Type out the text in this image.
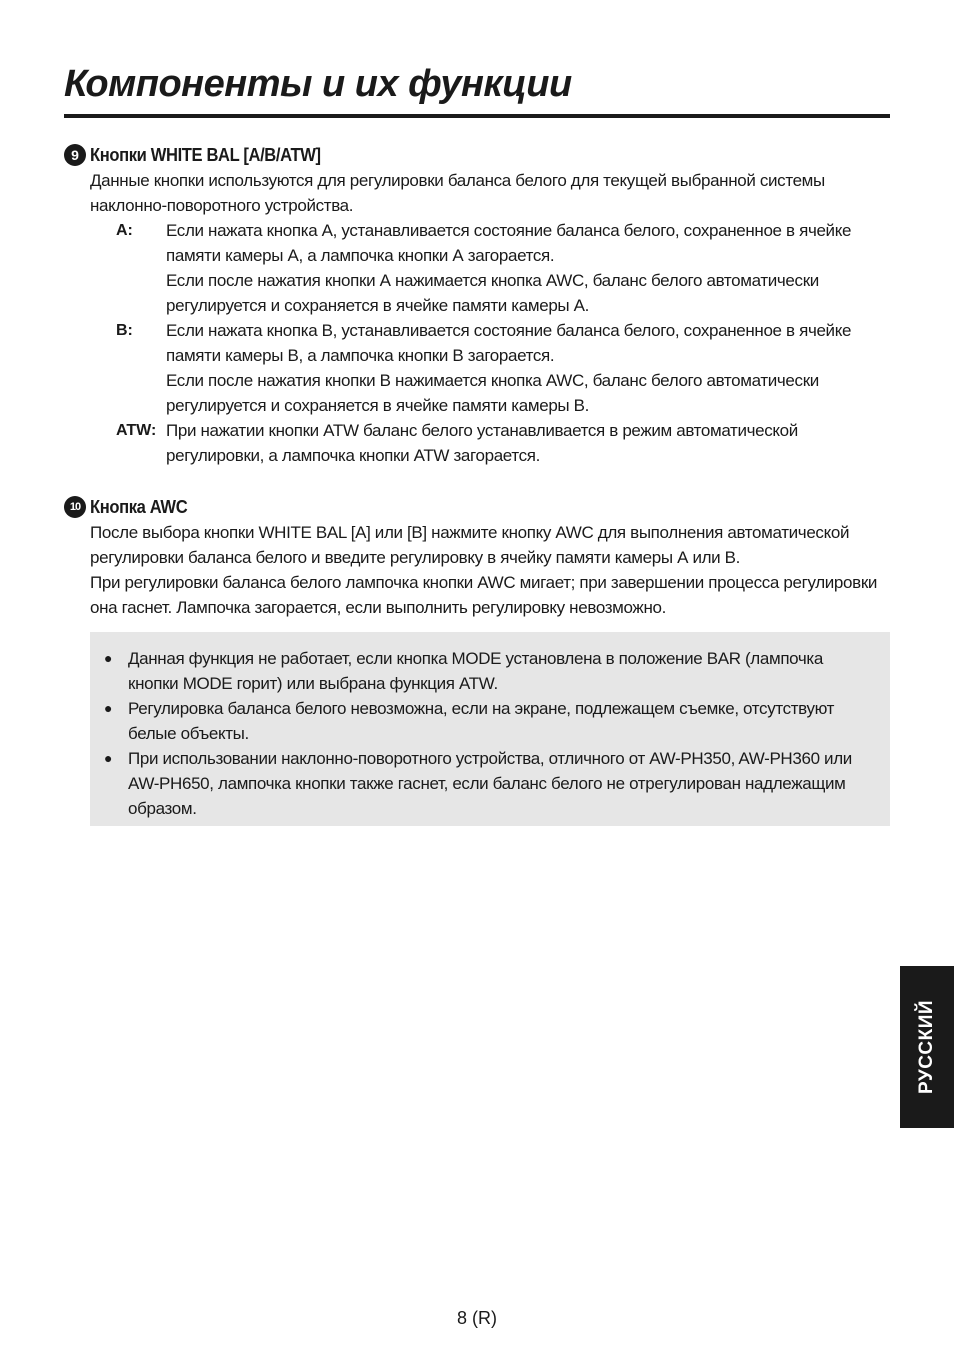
Компоненты и их функции
9 Кнопки WHITE BAL [A/B/ATW]

Данные кнопки используются для регулировки баланса белого для текущей выбранной системы

наклонно-поворотного устройства.

A:	Если нажата кнопка А, устанавливается состояние баланса белого, сохраненное в ячейке

памяти камеры А, а лампочка кнопки А загорается.

Если после нажатия кнопки А нажимается кнопка AWC, баланс белого автоматически

регулируется и сохраняется в ячейке памяти камеры А.

B:	Если нажата кнопка В, устанавливается состояние баланса белого, сохраненное в ячейке

памяти камеры В, а лампочка кнопки В загорается.

Если после нажатия кнопки В нажимается кнопка AWC, баланс белого автоматически

регулируется и сохраняется в ячейке памяти камеры В.

ATW: При нажатии кнопки ATW баланс белого устанавливается в режим автоматической

регулировки, а лампочка кнопки ATW загорается.

10 Кнопка AWC

После выбора кнопки WHITE BAL [A] или [B] нажмите кнопку AWC для выполнения автоматической

регулировки баланса белого и введите регулировку в ячейку памяти камеры А или В.

При регулировки баланса белого лампочка кнопки AWC мигает; при завершении процесса регулировки

она гаснет. Лампочка загорается, если выполнить регулировку невозможно.

● Данная функция не работает, если кнопка MODE установлена в положение BAR (лампочка

кнопки MODE горит) или выбрана функция ATW.

● Регулировка баланса белого невозможна, если на экране, подлежащем съемке, отсутствуют

белые объекты.

● При использовании наклонно-поворотного устройства, отличного от AW-PH350, AW-PH360 или

AW-PH650, лампочка кнопки также гаснет, если баланс белого не отрегулирован надлежащим

образом.

РУССКИЙ
8 (R)
